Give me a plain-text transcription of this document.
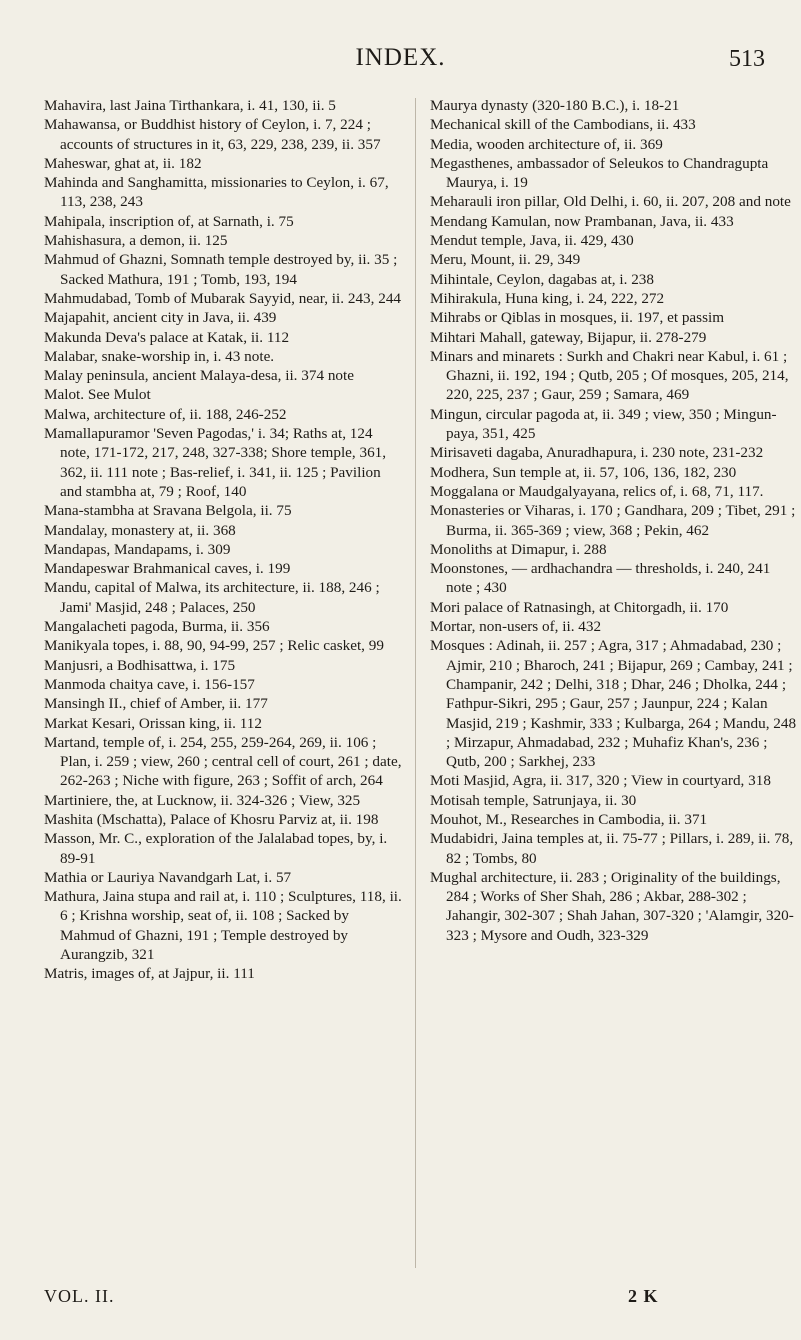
INDEX.	513

Mahavira, last Jaina Tirthankara, i. 41, 130, ii. 5

Mahawansa, or Buddhist history of Ceylon, i. 7, 224 ; accounts of structures in it, 63, 229, 238, 239, ii. 357

Maheswar, ghat at, ii. 182

Mahinda and Sanghamitta, missionaries to Ceylon, i. 67, 113, 238, 243

Mahipala, inscription of, at Sarnath, i. 75

Mahishasura, a demon, ii. 125

Mahmud of Ghazni, Somnath temple destroyed by, ii. 35 ; Sacked Mathura, 191 ; Tomb, 193, 194

Mahmudabad, Tomb of Mubarak Sayyid, near, ii. 243, 244

Majapahit, ancient city in Java, ii. 439

Makunda Deva's palace at Katak, ii. 112

Malabar, snake-worship in, i. 43 note.

Malay peninsula, ancient Malaya-desa, ii. 374 note

Malot. See Mulot

Malwa, architecture of, ii. 188, 246-252

Mamallapuramor 'Seven Pagodas,' i. 34; Raths at, 124 note, 171-172, 217, 248, 327-338; Shore temple, 361, 362, ii. 111 note ; Bas-relief, i. 341, ii. 125 ; Pavilion and stambha at, 79 ; Roof, 140

Mana-stambha at Sravana Belgola, ii. 75

Mandalay, monastery at, ii. 368

Mandapas, Mandapams, i. 309

Mandapeswar Brahmanical caves, i. 199

Mandu, capital of Malwa, its architecture, ii. 188, 246 ; Jami' Masjid, 248 ; Palaces, 250

Mangalacheti pagoda, Burma, ii. 356

Manikyala topes, i. 88, 90, 94-99, 257 ; Relic casket, 99

Manjusri, a Bodhisattwa, i. 175

Manmoda chaitya cave, i. 156-157

Mansingh II., chief of Amber, ii. 177

Markat Kesari, Orissan king, ii. 112

Martand, temple of, i. 254, 255, 259-264, 269, ii. 106 ; Plan, i. 259 ; view, 260 ; central cell of court, 261 ; date, 262-263 ; Niche with figure, 263 ; Soffit of arch, 264

Martiniere, the, at Lucknow, ii. 324-326 ; View, 325

Mashita (Mschatta), Palace of Khosru Parviz at, ii. 198

Masson, Mr. C., exploration of the Jalalabad topes, by, i. 89-91

Mathia or Lauriya Navandgarh Lat, i. 57

Mathura, Jaina stupa and rail at, i. 110 ; Sculptures, 118, ii. 6 ; Krishna worship, seat of, ii. 108 ; Sacked by Mahmud of Ghazni, 191 ; Temple destroyed by Aurangzib, 321

Matris, images of, at Jajpur, ii. 111

Maurya dynasty (320-180 B.C.), i. 18-21

Mechanical skill of the Cambodians, ii. 433

Media, wooden architecture of, ii. 369

Megasthenes, ambassador of Seleukos to Chandragupta Maurya, i. 19

Meharauli iron pillar, Old Delhi, i. 60, ii. 207, 208 and note

Mendang Kamulan, now Prambanan, Java, ii. 433

Mendut temple, Java, ii. 429, 430

Meru, Mount, ii. 29, 349

Mihintale, Ceylon, dagabas at, i. 238

Mihirakula, Huna king, i. 24, 222, 272

Mihrabs or Qiblas in mosques, ii. 197, et passim

Mihtari Mahall, gateway, Bijapur, ii. 278-279

Minars and minarets : Surkh and Chakri near Kabul, i. 61 ; Ghazni, ii. 192, 194 ; Qutb, 205 ; Of mosques, 205, 214, 220, 225, 237 ; Gaur, 259 ; Samara, 469

Mingun, circular pagoda at, ii. 349 ; view, 350 ; Mingun-paya, 351, 425

Mirisaveti dagaba, Anuradhapura, i. 230 note, 231-232

Modhera, Sun temple at, ii. 57, 106, 136, 182, 230

Moggalana or Maudgalyayana, relics of, i. 68, 71, 117.

Monasteries or Viharas, i. 170 ; Gandhara, 209 ; Tibet, 291 ; Burma, ii. 365-369 ; view, 368 ; Pekin, 462

Monoliths at Dimapur, i. 288

Moonstones, — ardhachandra — thresholds, i. 240, 241 note ; 430

Mori palace of Ratnasingh, at Chitorgadh, ii. 170

Mortar, non-users of, ii. 432

Mosques : Adinah, ii. 257 ; Agra, 317 ; Ahmadabad, 230 ; Ajmir, 210 ; Bharoch, 241 ; Bijapur, 269 ; Cambay, 241 ; Champanir, 242 ; Delhi, 318 ; Dhar, 246 ; Dholka, 244 ; Fathpur-Sikri, 295 ; Gaur, 257 ; Jaunpur, 224 ; Kalan Masjid, 219 ; Kashmir, 333 ; Kulbarga, 264 ; Mandu, 248 ; Mirzapur, Ahmadabad, 232 ; Muhafiz Khan's, 236 ; Qutb, 200 ; Sarkhej, 233

Moti Masjid, Agra, ii. 317, 320 ; View in courtyard, 318

Motisah temple, Satrunjaya, ii. 30

Mouhot, M., Researches in Cambodia, ii. 371

Mudabidri, Jaina temples at, ii. 75-77 ; Pillars, i. 289, ii. 78, 82 ; Tombs, 80

Mughal architecture, ii. 283 ; Originality of the buildings, 284 ; Works of Sher Shah, 286 ; Akbar, 288-302 ; Jahangir, 302-307 ; Shah Jahan, 307-320 ; 'Alamgir, 320-323 ; Mysore and Oudh, 323-329

VOL. II.	2 K
